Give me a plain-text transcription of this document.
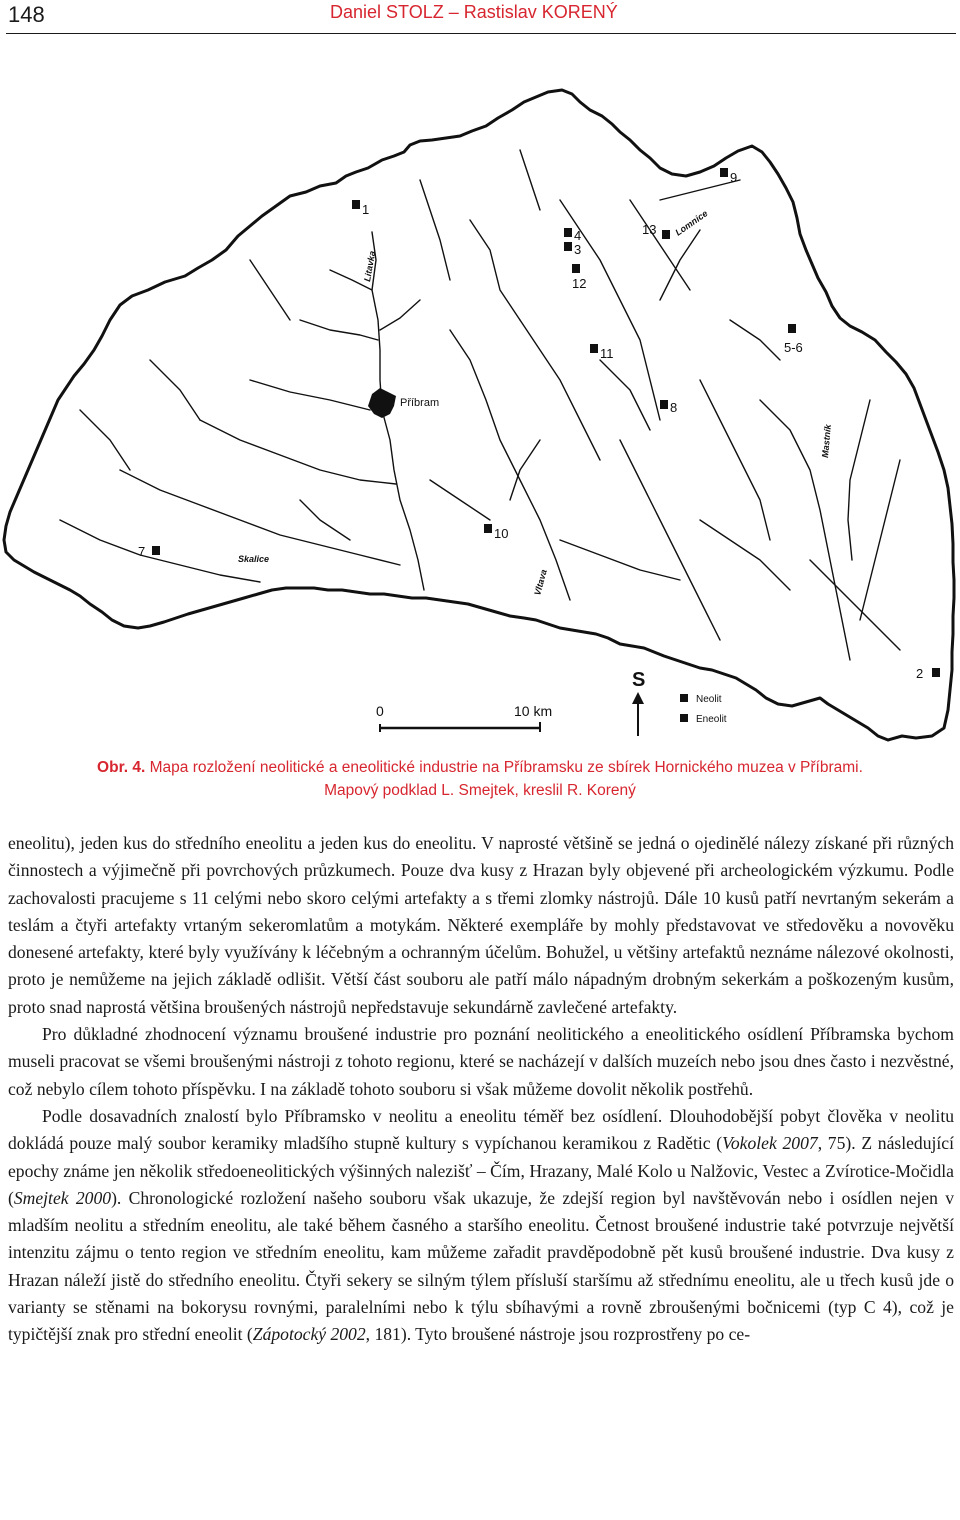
148	Daniel STOLZ – Rastislav KORENÝ
Příbram
1
2
3
4
5-6
7
8
9
10
11
12
13
Litavka
Skalice
Vltava
Mastník
Lomnice
0	10 km
S
Neolit
Eneolit
Obr. 4. Mapa rozložení neolitické a eneolitické industrie na Příbramsku ze sbírek Hornického muzea v Příbrami.
Mapový podklad L. Smejtek, kreslil R. Korený

eneolitu), jeden kus do středního eneolitu a jeden kus do eneolitu. V naprosté většině se jedná o ojedinělé nálezy získané při různých činnostech a výjimečně při povrchových průzkumech. Pouze dva kusy z Hrazan byly objevené při archeologickém výzkumu. Podle zachovalosti pracujeme s 11 celými nebo skoro celými artefakty a s třemi zlomky nástrojů. Dále 10 kusů patří nevrtaným sekerám a teslám a čtyři artefakty vrtaným sekeromlatům a motykám. Některé exempláře by mohly představovat ve středověku a novověku donesené artefakty, které byly využívány k léčebným a ochranným účelům. Bohužel, u většiny artefaktů neznáme nálezové okolnosti, proto je nemůžeme na jejich základě odlišit. Větší část souboru ale patří málo nápadným drobným sekerkám a poškozeným kusům, proto snad naprostá většina broušených nástrojů nepředstavuje sekundárně zavlečené artefakty.

Pro důkladné zhodnocení významu broušené industrie pro poznání neolitického a eneolitického osídlení Příbramska bychom museli pracovat se všemi broušenými nástroji z tohoto regionu, které se nacházejí v dalších muzeích nebo jsou dnes často i nezvěstné, což nebylo cílem tohoto příspěvku. I na základě tohoto souboru si však můžeme dovolit několik postřehů.

Podle dosavadních znalostí bylo Příbramsko v neolitu a eneolitu téměř bez osídlení. Dlouhodobější pobyt člověka v neolitu dokládá pouze malý soubor keramiky mladšího stupně kultury s vypíchanou keramikou z Radětic (Vokolek 2007, 75). Z následující epochy známe jen několik středoeneolitických výšinných nalezišť – Čím, Hrazany, Malé Kolo u Nalžovic, Vestec a Zvírotice-Močidla (Smejtek 2000). Chronologické rozložení našeho souboru však ukazuje, že zdejší region byl navštěvován nebo i osídlen nejen v mladším neolitu a středním eneolitu, ale také během časného a staršího eneolitu. Četnost broušené industrie také potvrzuje největší intenzitu zájmu o tento region ve středním eneolitu, kam můžeme zařadit pravděpodobně pět kusů broušené industrie. Dva kusy z Hrazan náleží jistě do středního eneolitu. Čtyři sekery se silným týlem přísluší staršímu až střednímu eneolitu, ale u třech kusů jde o varianty se stěnami na bokorysu rovnými, paralelními nebo k týlu sbíhavými a rovně zbroušenými bočnicemi (typ C 4), což je typičtější znak pro střední eneolit (Zápotocký 2002, 181). Tyto broušené nástroje jsou rozprostřeny po ce-
